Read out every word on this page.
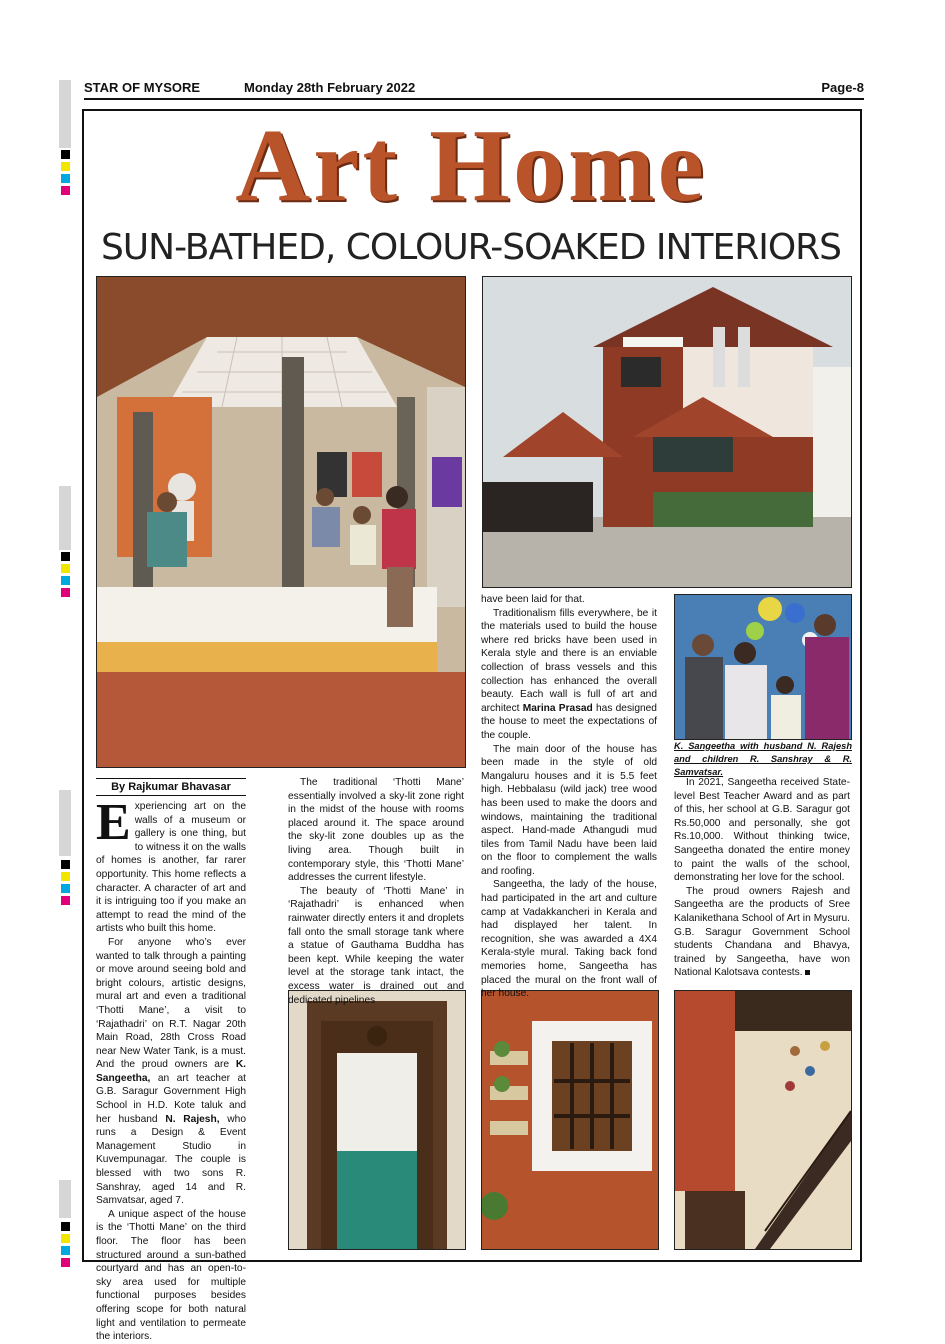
STAR OF MYSORE	Monday 28th February 2022	Page-8
Art Home
SUN-BATHED, COLOUR-SOAKED INTERIORS
By Rajkumar Bhavasar

Experiencing art on the walls of a museum or gallery is one thing, but to witness it on the walls of homes is another, far rarer opportunity. This home reflects a character. A character of art and it is intriguing too if you make an attempt to read the mind of the artists who built this home.

For anyone who’s ever wanted to talk through a painting or move around seeing bold and bright colours, artistic designs, mural art and even a traditional ‘Thotti Mane’, a visit to ‘Rajathadri’ on R.T. Nagar 20th Main Road, 28th Cross Road near New Water Tank, is a must. And the proud owners are K. Sangeetha, an art teacher at G.B. Saragur Government High School in H.D. Kote taluk and her husband N. Rajesh, who runs a Design & Event Management Studio in Kuvempunagar. The couple is blessed with two sons R. Sanshray, aged 14 and R. Samvatsar, aged 7.

A unique aspect of the house is the ‘Thotti Mane’ on the third floor. The floor has been structured around a sun-bathed courtyard and has an open-to-sky area used for multiple functional purposes besides offering scope for both natural light and ventilation to permeate the interiors.

The traditional ‘Thotti Mane’ essentially involved a sky-lit zone right in the midst of the house with rooms placed around it. The space around the sky-lit zone doubles up as the living area. Though built in contemporary style, this ‘Thotti Mane’ addresses the current lifestyle.

The beauty of ‘Thotti Mane’ in ‘Rajathadri’ is enhanced when rainwater directly enters it and droplets fall onto the small storage tank where a statue of Gauthama Buddha has been kept. While keeping the water level at the storage tank intact, the excess water is drained out and dedicated pipelines

have been laid for that.

Traditionalism fills everywhere, be it the materials used to build the house where red bricks have been used in Kerala style and there is an enviable collection of brass vessels and this collection has enhanced the overall beauty. Each wall is full of art and architect Marina Prasad has designed the house to meet the expectations of the couple.

The main door of the house has been made in the style of old Mangaluru houses and it is 5.5 feet high. Hebbalasu (wild jack) tree wood has been used to make the doors and windows, maintaining the traditional aspect. Hand-made Athangudi mud tiles from Tamil Nadu have been laid on the floor to complement the walls and roofing.

Sangeetha, the lady of the house, had participated in the art and culture camp at Vadakkancheri in Kerala and had displayed her talent. In recognition, she was awarded a 4X4 Kerala-style mural. Taking back fond memories home, Sangeetha has placed the mural on the front wall of her house.

K. Sangeetha with husband N. Rajesh and children R. Sanshray & R. Samvatsar.

In 2021, Sangeetha received State-level Best Teacher Award and as part of this, her school at G.B. Saragur got Rs.50,000 and personally, she got Rs.10,000. Without thinking twice, Sangeetha donated the entire money to paint the walls of the school, demonstrating her love for the school.

The proud owners Rajesh and Sangeetha are the products of Sree Kalanikethana School of Art in Mysuru. G.B. Saragur Government School students Chandana and Bhavya, trained by Sangeetha, have won National Kalotsava contests.
